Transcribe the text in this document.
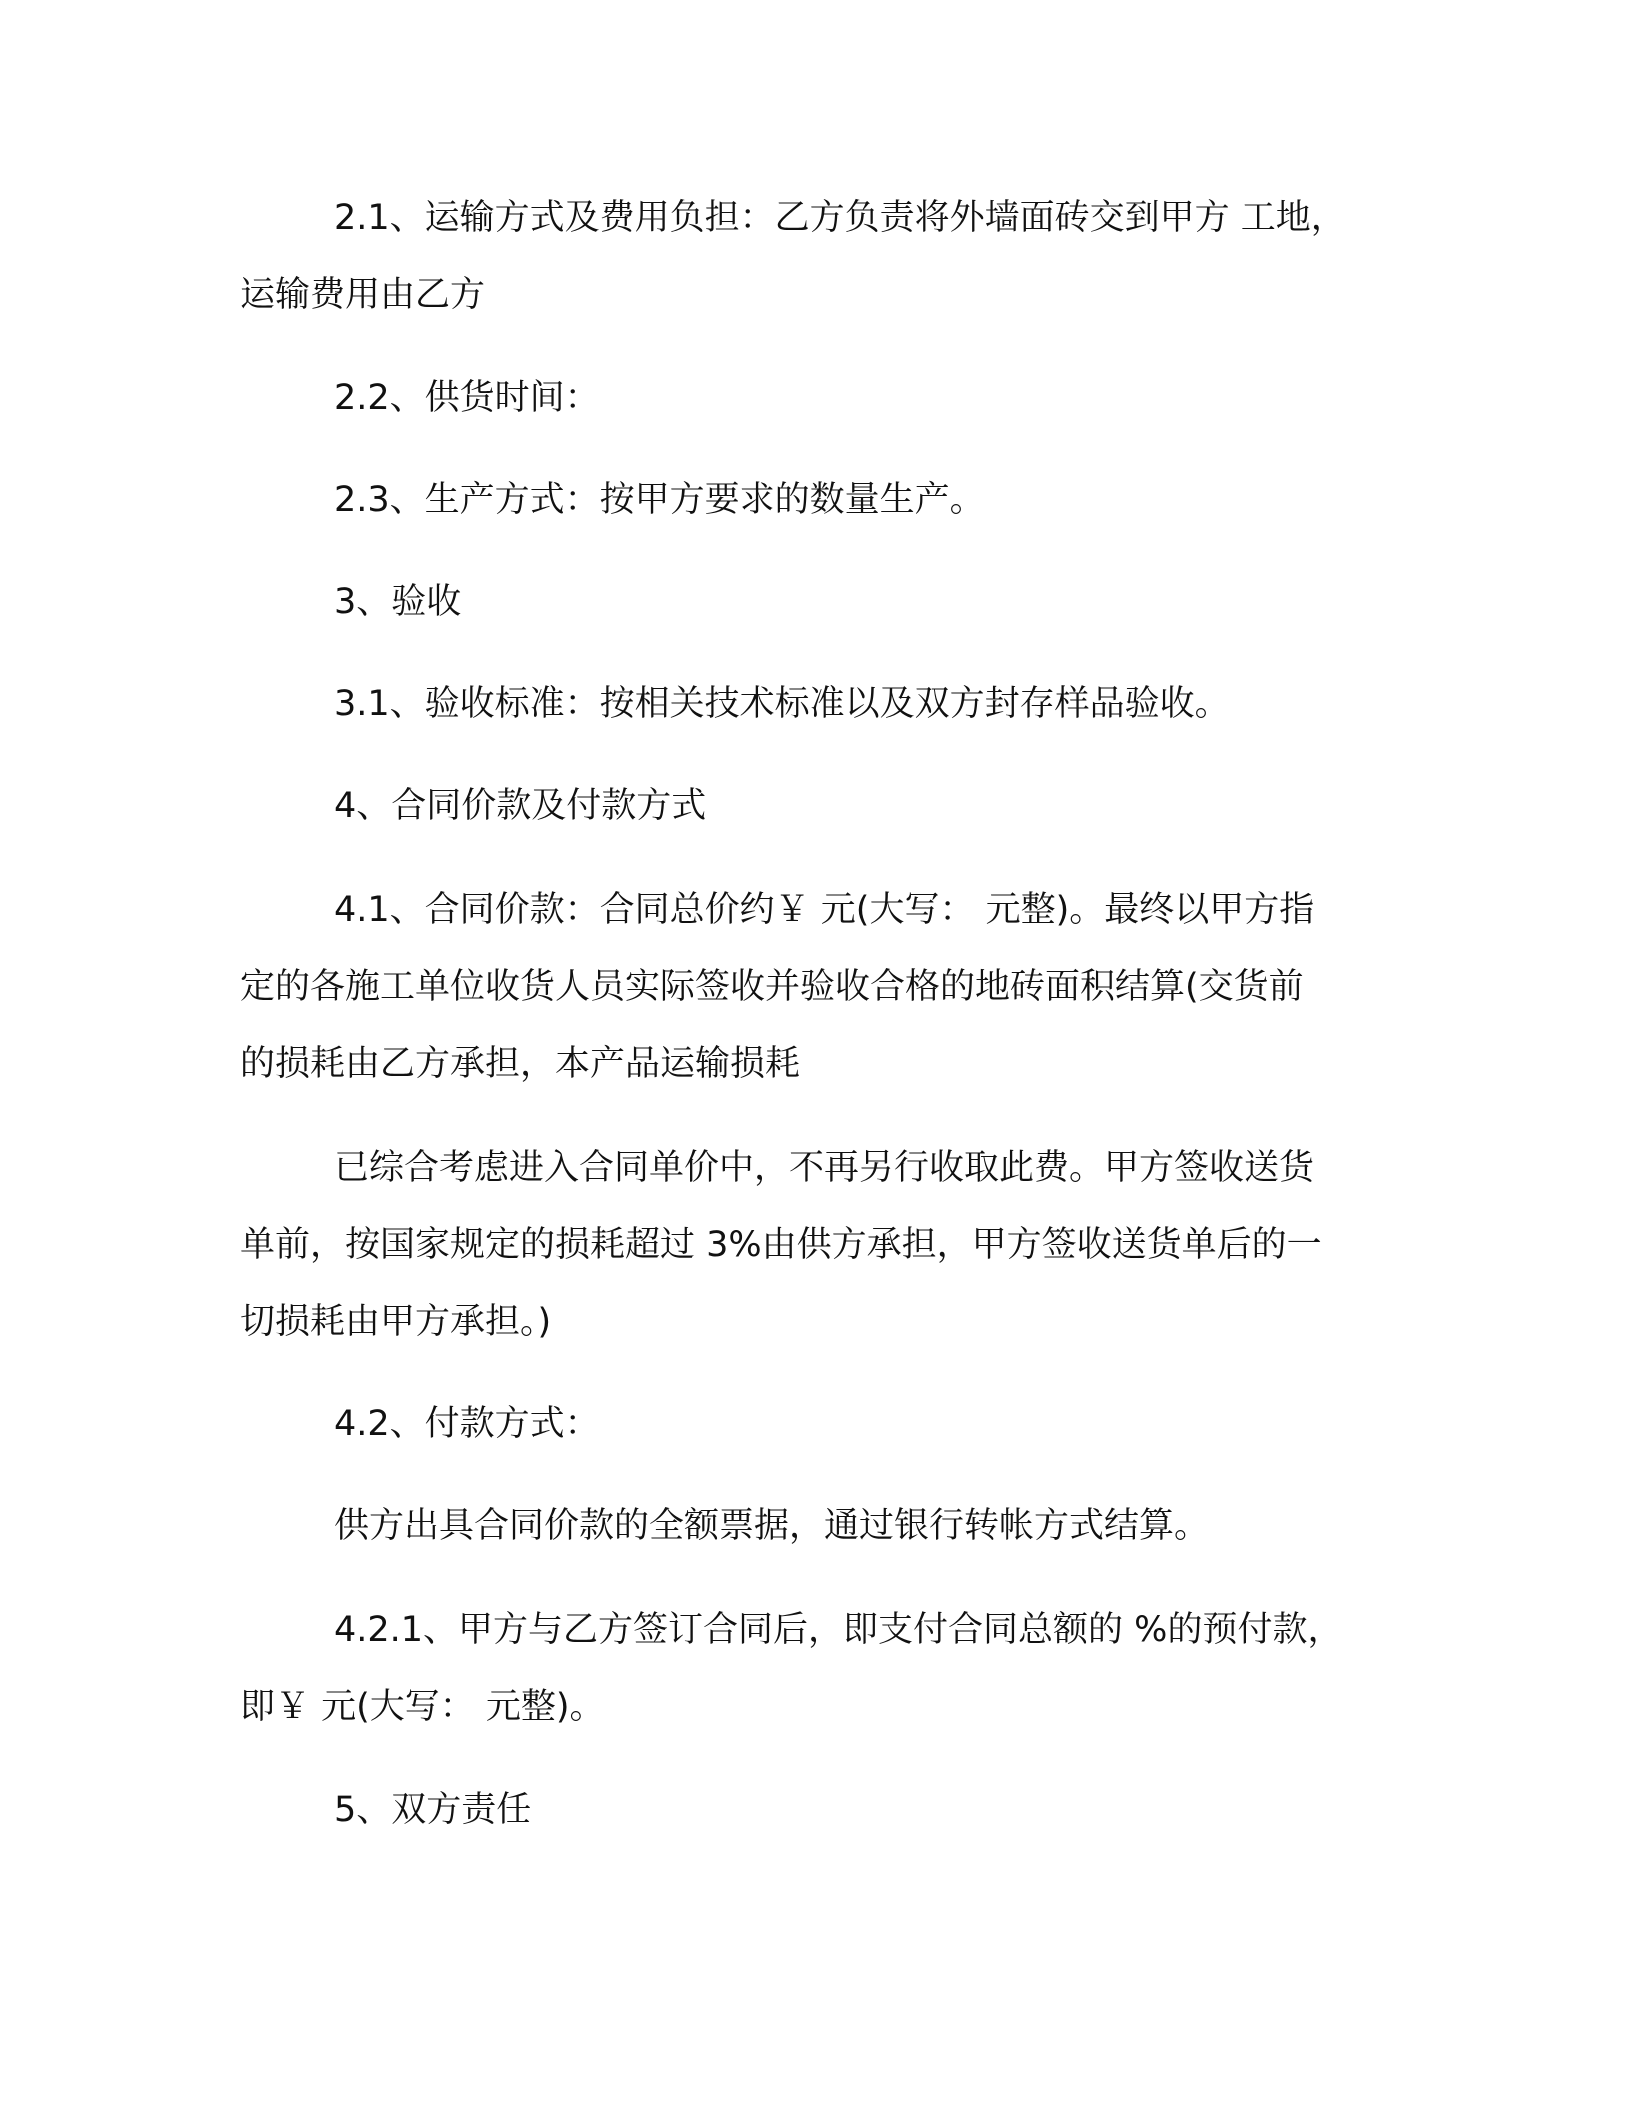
2.1、运输方式及费用负担：乙方负责将外墙面砖交到甲方 工地，
运输费用由乙方
2.2、供货时间：
2.3、生产方式：按甲方要求的数量生产。
3、验收
3.1、验收标准：按相关技术标准以及双方封存样品验收。
4、合同价款及付款方式
4.1、合同价款：合同总价约￥ 元(大写： 元整)。最终以甲方指
定的各施工单位收货人员实际签收并验收合格的地砖面积结算(交货前
的损耗由乙方承担，本产品运输损耗
已综合考虑进入合同单价中，不再另行收取此费。甲方签收送货
单前，按国家规定的损耗超过 3%由供方承担，甲方签收送货单后的一
切损耗由甲方承担。)
4.2、付款方式：
供方出具合同价款的全额票据，通过银行转帐方式结算。
4.2.1、甲方与乙方签订合同后，即支付合同总额的 %的预付款，
即￥ 元(大写： 元整)。
5、双方责任
